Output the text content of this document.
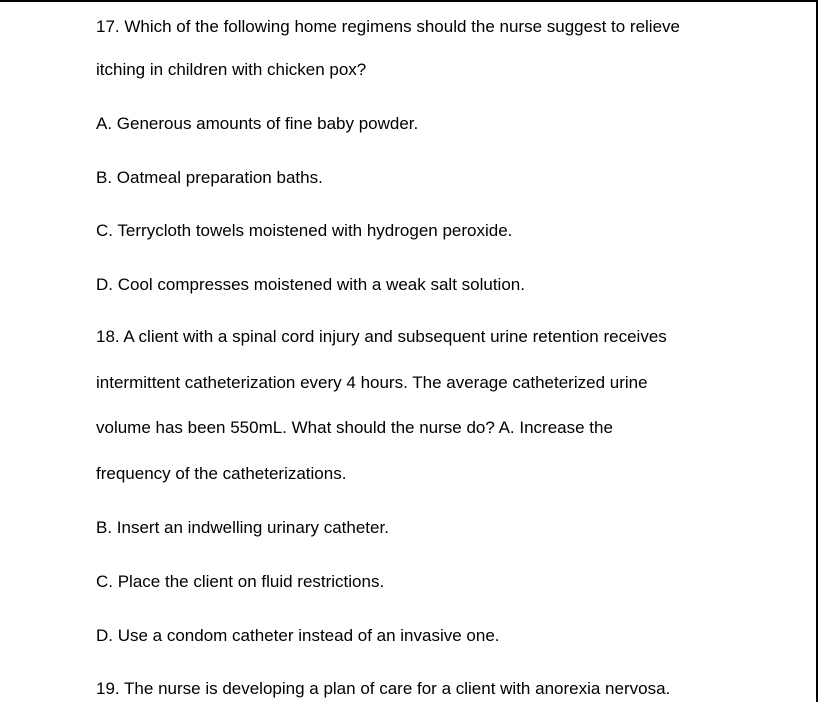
17. Which of the following home regimens should the nurse suggest to relieve
itching in children with chicken pox?
A. Generous amounts of fine baby powder.
B. Oatmeal preparation baths.
C. Terrycloth towels moistened with hydrogen peroxide.
D. Cool compresses moistened with a weak salt solution.
18. A client with a spinal cord injury and subsequent urine retention receives
intermittent catheterization every 4 hours. The average catheterized urine
volume has been 550mL. What should the nurse do? A. Increase the
frequency of the catheterizations.
B. Insert an indwelling urinary catheter.
C. Place the client on fluid restrictions.
D. Use a condom catheter instead of an invasive one.
19. The nurse is developing a plan of care for a client with anorexia nervosa.
